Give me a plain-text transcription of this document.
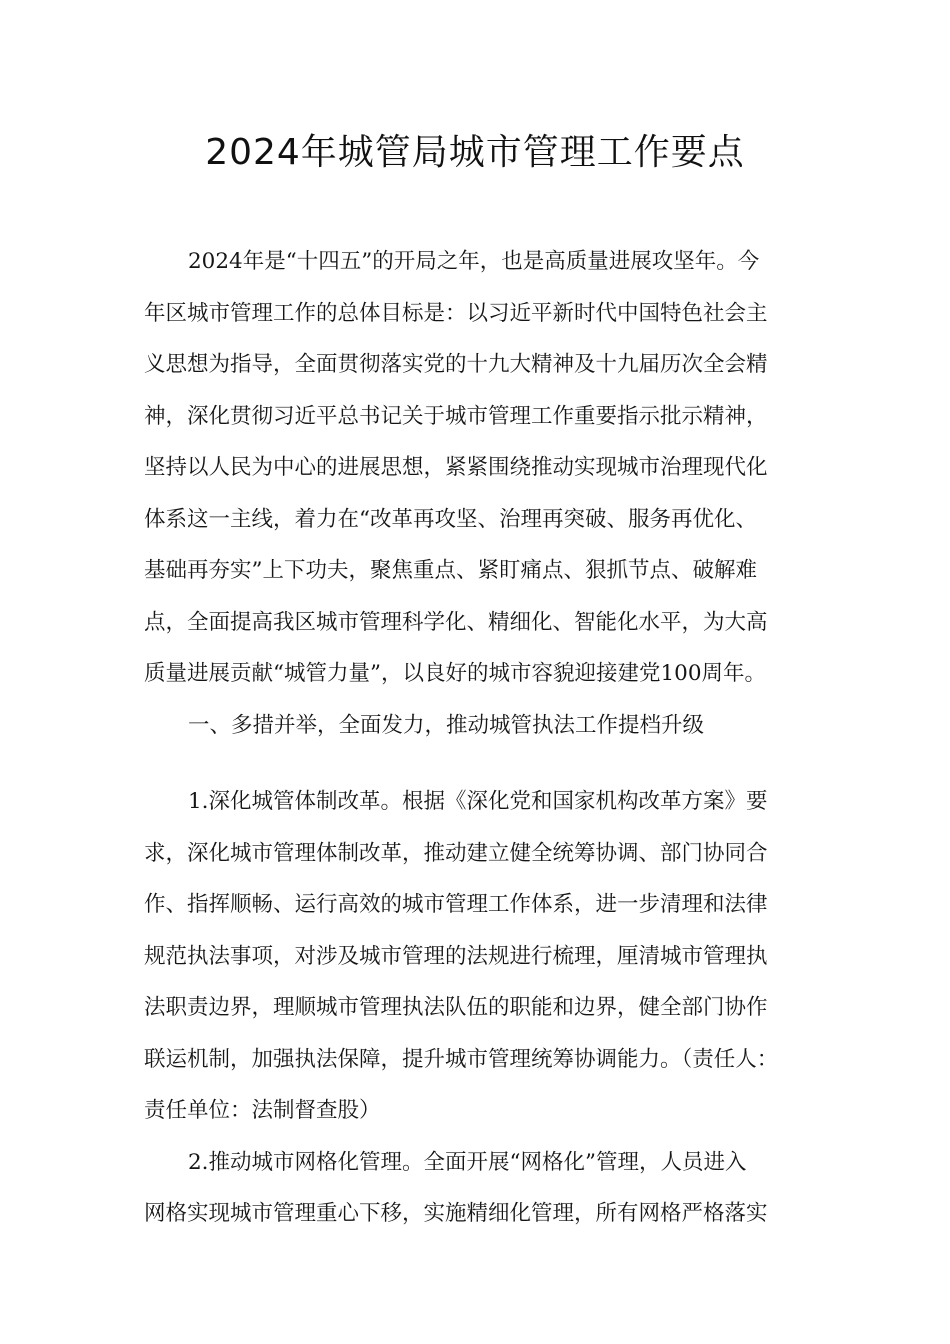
2024年城管局城市管理工作要点
2024年是“十四五”的开局之年，也是高质量进展攻坚年。今
年区城市管理工作的总体目标是：以习近平新时代中国特色社会主
义思想为指导，全面贯彻落实党的十九大精神及十九届历次全会精
神，深化贯彻习近平总书记关于城市管理工作重要指示批示精神，
坚持以人民为中心的进展思想，紧紧围绕推动实现城市治理现代化
体系这一主线，着力在“改革再攻坚、治理再突破、服务再优化、
基础再夯实”上下功夫，聚焦重点、紧盯痛点、狠抓节点、破解难
点，全面提高我区城市管理科学化、精细化、智能化水平，为大高
质量进展贡献“城管力量”，以良好的城市容貌迎接建党100周年。
一、多措并举，全面发力，推动城管执法工作提档升级
1.深化城管体制改革。根据《深化党和国家机构改革方案》要
求，深化城市管理体制改革，推动建立健全统筹协调、部门协同合
作、指挥顺畅、运行高效的城市管理工作体系，进一步清理和法律
规范执法事项，对涉及城市管理的法规进行梳理，厘清城市管理执
法职责边界，理顺城市管理执法队伍的职能和边界，健全部门协作
联运机制，加强执法保障，提升城市管理统筹协调能力。（责任人：
责任单位：法制督查股）
2.推动城市网格化管理。全面开展“网格化”管理，人员进入
网格实现城市管理重心下移，实施精细化管理，所有网格严格落实
